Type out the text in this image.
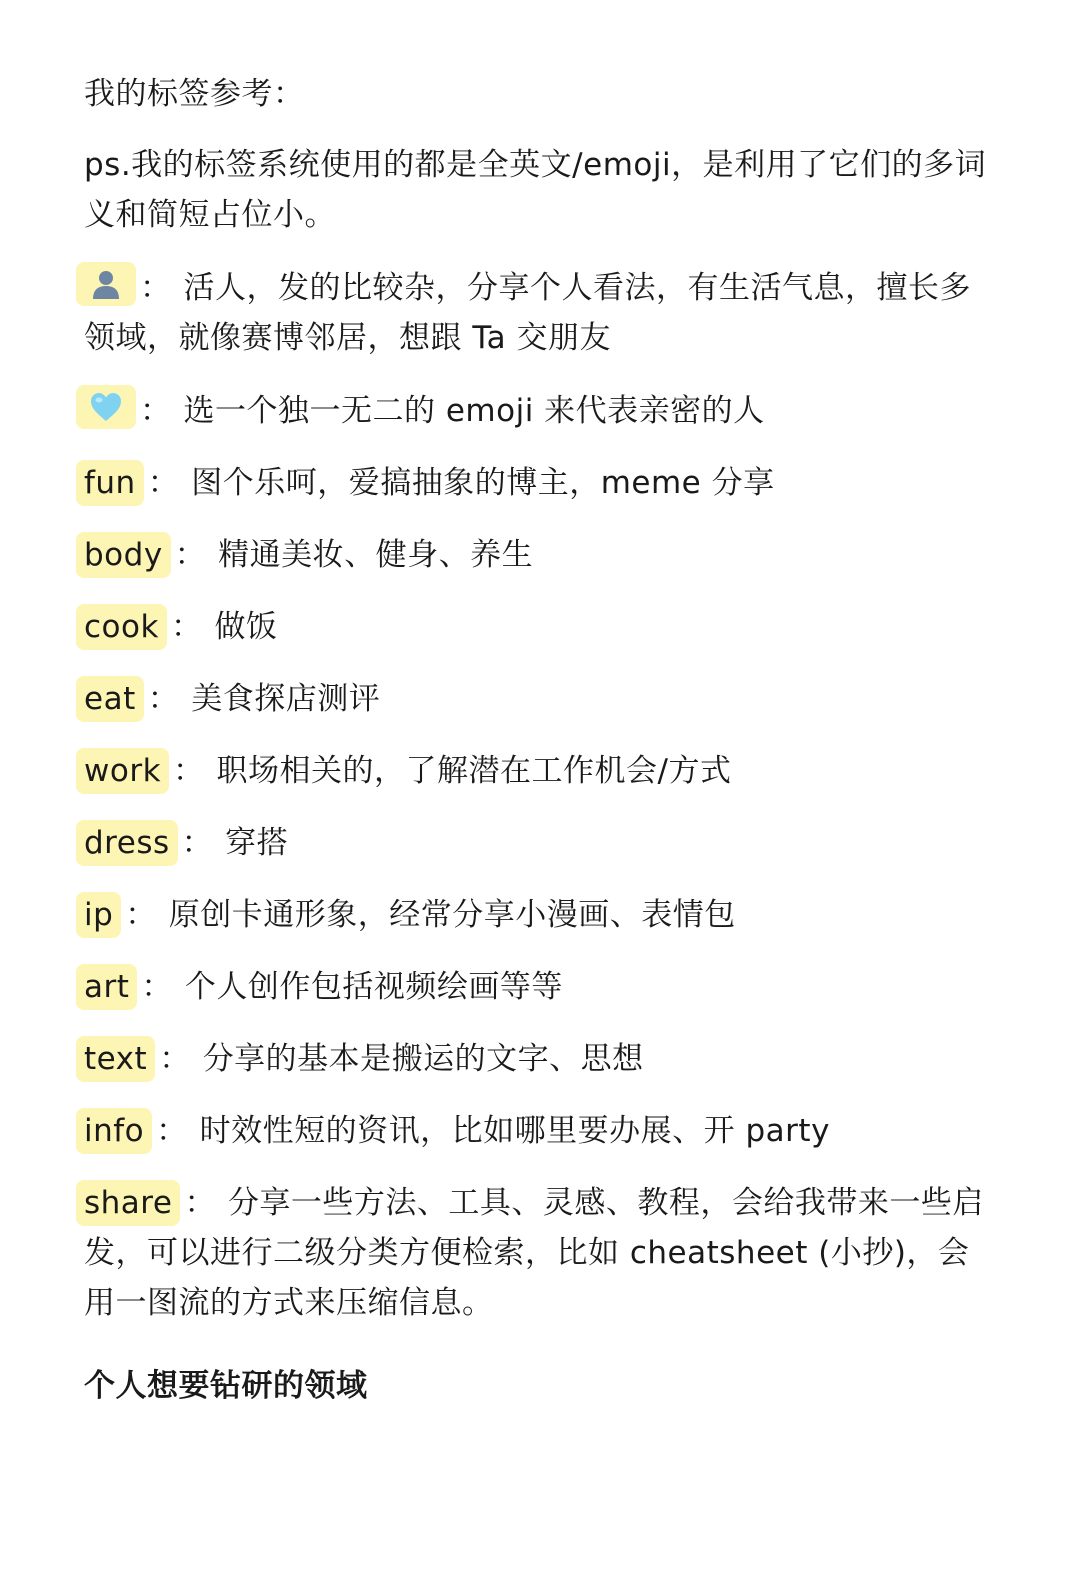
我的标签参考：

ps.我的标签系统使用的都是全英文/emoji，是利用了它们的多词义和简短占位小。

： 活人，发的比较杂，分享个人看法，有生活气息，擅长多领域，就像赛博邻居，想跟 Ta 交朋友
： 选一个独一无二的 emoji 来代表亲密的人
fun ： 图个乐呵，爱搞抽象的博主，meme 分享
body ： 精通美妆、健身、养生
cook ： 做饭
eat ： 美食探店测评
work ： 职场相关的，了解潜在工作机会/方式
dress ： 穿搭
ip ： 原创卡通形象，经常分享小漫画、表情包
art ： 个人创作包括视频绘画等等
text ： 分享的基本是搬运的文字、思想
info ： 时效性短的资讯，比如哪里要办展、开 party
share ： 分享一些方法、工具、灵感、教程，会给我带来一些启发，可以进行二级分类方便检索，比如 cheatsheet (小抄)，会用一图流的方式来压缩信息。

个人想要钻研的领域
